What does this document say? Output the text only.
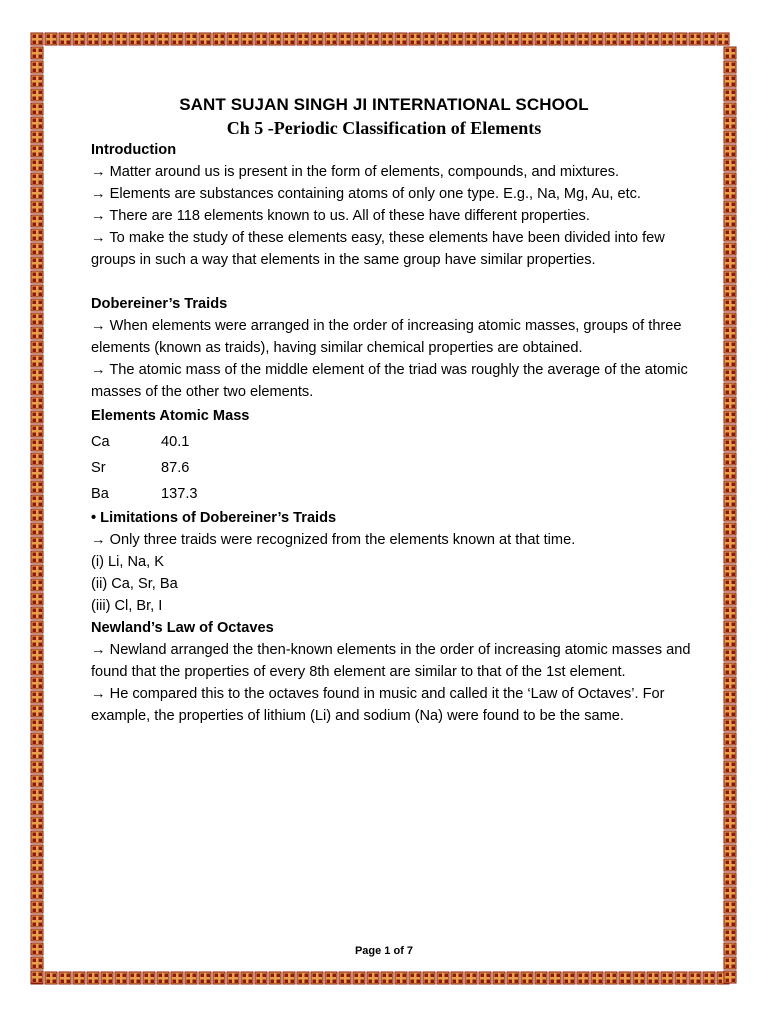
SANT SUJAN SINGH JI INTERNATIONAL SCHOOL
Ch 5 -Periodic Classification of Elements

Introduction

→ Matter around us is present in the form of elements, compounds, and mixtures.

→ Elements are substances containing atoms of only one type. E.g., Na, Mg, Au, etc.

→ There are 118 elements known to us. All of these have different properties.

→ To make the study of these elements easy, these elements have been divided into few groups in such a way that elements in the same group have similar properties.

Dobereiner’s Traids

→ When elements were arranged in the order of increasing atomic masses, groups of three elements (known as traids), having similar chemical properties are obtained.

→ The atomic mass of the middle element of the triad was roughly the average of the atomic masses of the other two elements.

Elements Atomic Mass

Ca	40.1
Sr	87.6
Ba	137.3

• Limitations of Dobereiner’s Traids

→ Only three traids were recognized from the elements known at that time.

(i) Li, Na, K

(ii) Ca, Sr, Ba

(iii) Cl, Br, I

Newland’s Law of Octaves

→ Newland arranged the then-known elements in the order of increasing atomic masses and found that the properties of every 8th element are similar to that of the 1st element.

→ He compared this to the octaves found in music and called it the ‘Law of Octaves’. For example, the properties of lithium (Li) and sodium (Na) were found to be the same.

Page 1 of 7
